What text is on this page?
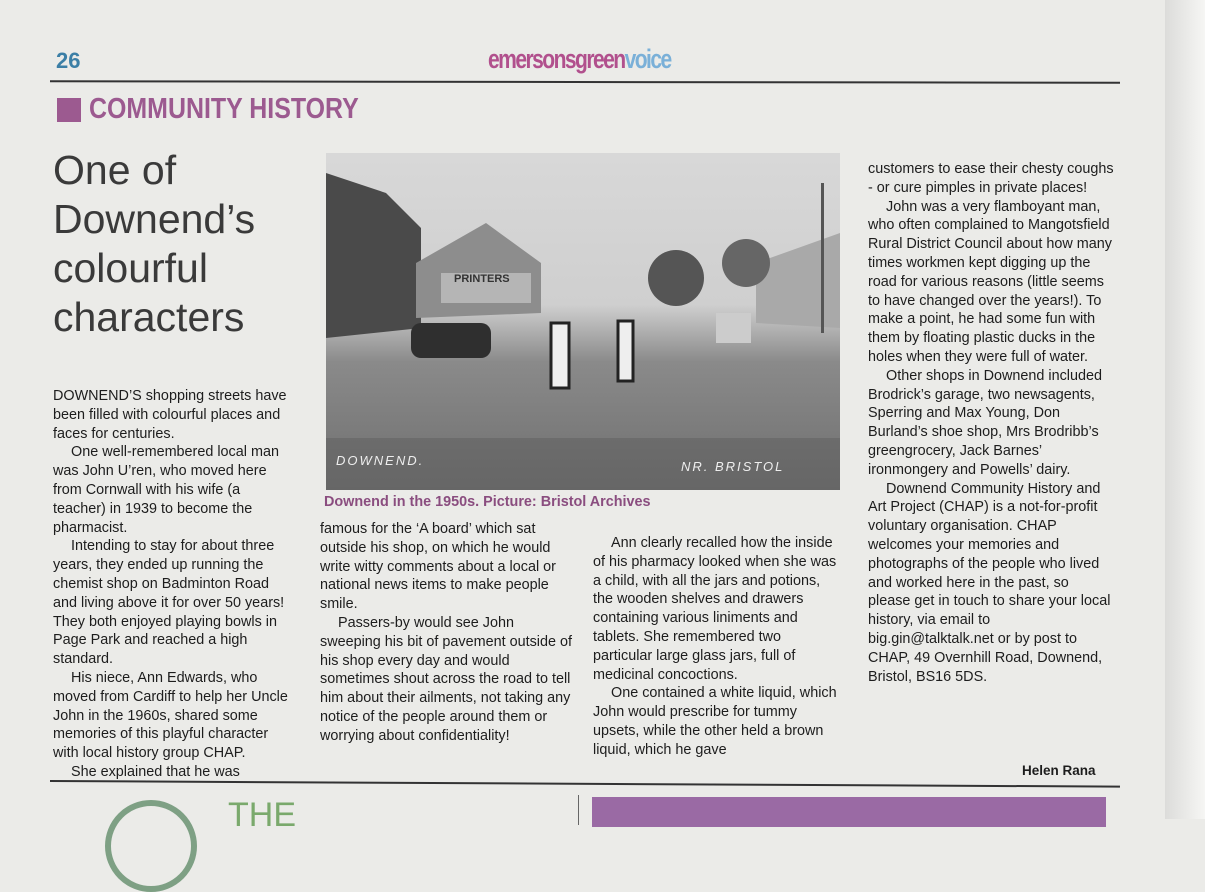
26	emersonsgreenvoice
COMMUNITY HISTORY
One of Downend’s colourful characters
DOWNEND.	NR. BRISTOL
PRINTERS
Downend in the 1950s. Picture: Bristol Archives

DOWNEND’S shopping streets have been filled with colourful places and faces for centuries.

One well-remembered local man was John U’ren, who moved here from Cornwall with his wife (a teacher) in 1939 to become the pharmacist.

Intending to stay for about three years, they ended up running the chemist shop on Badminton Road and living above it for over 50 years! They both enjoyed playing bowls in Page Park and reached a high standard.

His niece, Ann Edwards, who moved from Cardiff to help her Uncle John in the 1960s, shared some memories of this playful character with local history group CHAP.

She explained that he was

famous for the ‘A board’ which sat outside his shop, on which he would write witty comments about a local or national news items to make people smile.

Passers-by would see John sweeping his bit of pavement outside of his shop every day and would sometimes shout across the road to tell him about their ailments, not taking any notice of the people around them or worrying about confidentiality!

Ann clearly recalled how the inside of his pharmacy looked when she was a child, with all the jars and potions, the wooden shelves and drawers containing various liniments and tablets. She remembered two particular large glass jars, full of medicinal concoctions.

One contained a white liquid, which John would prescribe for tummy upsets, while the other held a brown liquid, which he gave

customers to ease their chesty coughs - or cure pimples in private places!

John was a very flamboyant man, who often complained to Mangotsfield Rural District Council about how many times workmen kept digging up the road for various reasons (little seems to have changed over the years!). To make a point, he had some fun with them by floating plastic ducks in the holes when they were full of water.

Other shops in Downend included Brodrick’s garage, two newsagents, Sperring and Max Young, Don Burland’s shoe shop, Mrs Brodribb’s greengrocery, Jack Barnes’ ironmongery and Powells’ dairy.

Downend Community History and Art Project (CHAP) is a not-for-profit voluntary organisation. CHAP welcomes your memories and photographs of the people who lived and worked here in the past, so please get in touch to share your local history, via email to big.gin@talktalk.net or by post to CHAP, 49 Overnhill Road, Downend, Bristol, BS16 5DS.

Helen Rana
THE
